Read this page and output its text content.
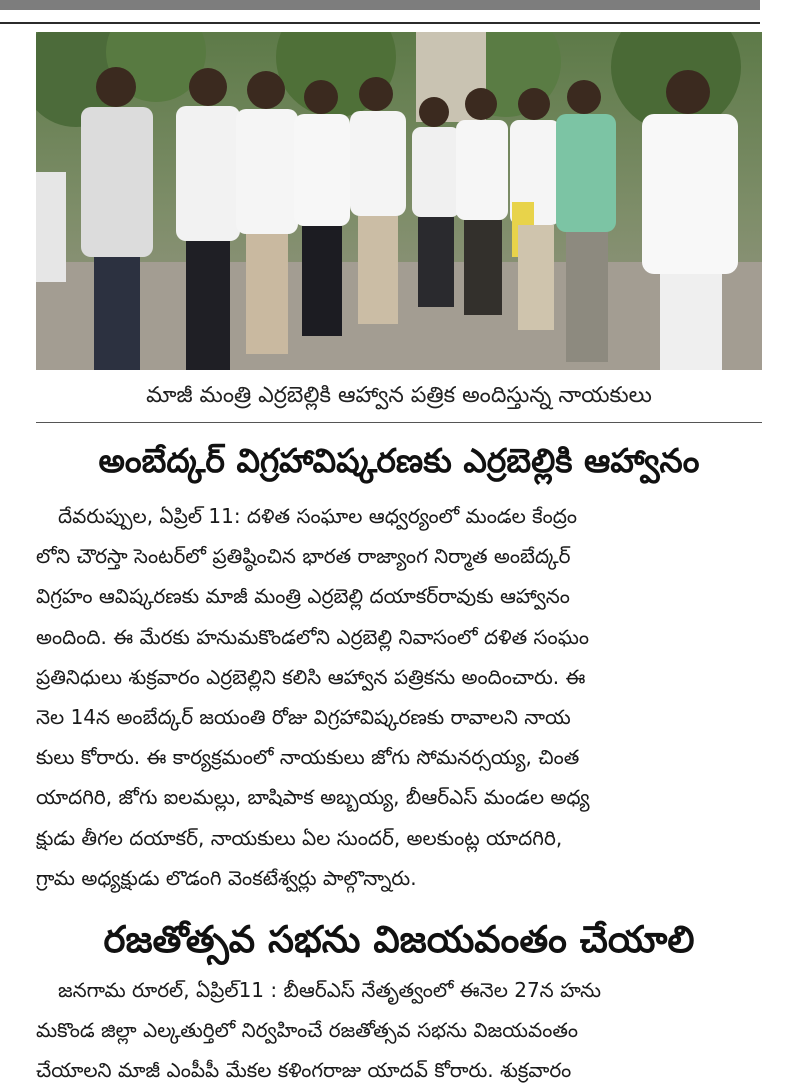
మాజీ మంత్రి ఎర్రబెల్లికి ఆహ్వాన పత్రిక అందిస్తున్న నాయకులు
అంబేద్కర్ విగ్రహావిష్కరణకు ఎర్రబెల్లికి ఆహ్వానం
దేవరుప్పుల, ఏప్రిల్ 11: దళిత సంఘాల ఆధ్వర్యంలో మండల కేంద్రం
లోని చౌరస్తా సెంటర్‌లో ప్రతిష్ఠించిన భారత రాజ్యాంగ నిర్మాత అంబేద్కర్
విగ్రహం ఆవిష్కరణకు మాజీ మంత్రి ఎర్రబెల్లి దయాకర్‌రావుకు ఆహ్వానం
అందింది. ఈ మేరకు హనుమకొండలోని ఎర్రబెల్లి నివాసంలో దళిత సంఘం
ప్రతినిధులు శుక్రవారం ఎర్రబెల్లిని కలిసి ఆహ్వాన పత్రికను అందించారు. ఈ
నెల 14న అంబేద్కర్ జయంతి రోజు విగ్రహావిష్కరణకు రావాలని నాయ
కులు కోరారు. ఈ కార్యక్రమంలో నాయకులు జోగు సోమనర్సయ్య, చింత
యాదగిరి, జోగు ఐలమల్లు, బాషిపాక అబ్బయ్య, బీఆర్ఎస్ మండల అధ్య
క్షుడు తీగల దయాకర్, నాయకులు ఏల సుందర్, అలకుంట్ల యాదగిరి,
గ్రామ అధ్యక్షుడు లొడంగి వెంకటేశ్వర్లు పాల్గొన్నారు.
రజతోత్సవ సభను విజయవంతం చేయాలి
జనగామ రూరల్, ఏప్రిల్11 : బీఆర్ఎస్ నేతృత్వంలో ఈనెల 27న హను
మకొండ జిల్లా ఎల్కతుర్తిలో నిర్వహించే రజతోత్సవ సభను విజయవంతం
చేయాలని మాజీ ఎంపీపీ మేకల కళింగరాజు యాదవ్ కోరారు. శుక్రవారం
